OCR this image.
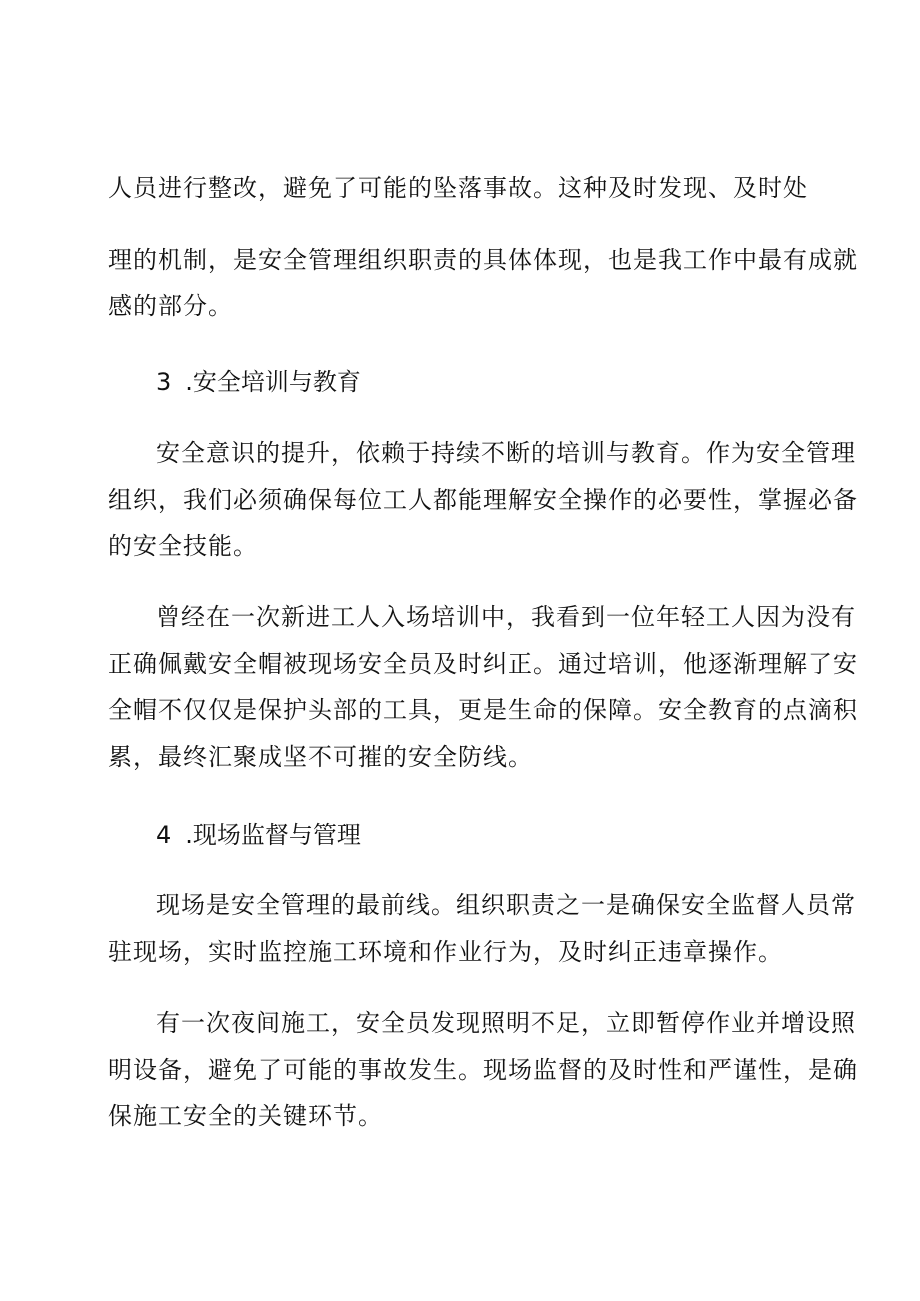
人员进行整改，避免了可能的坠落事故。这种及时发现、及时处
理的机制，是安全管理组织职责的具体体现，也是我工作中最有成就
感的部分。
3 .安全培训与教育
安全意识的提升，依赖于持续不断的培训与教育。作为安全管理
组织，我们必须确保每位工人都能理解安全操作的必要性，掌握必备
的安全技能。
曾经在一次新进工人入场培训中，我看到一位年轻工人因为没有
正确佩戴安全帽被现场安全员及时纠正。通过培训，他逐渐理解了安
全帽不仅仅是保护头部的工具，更是生命的保障。安全教育的点滴积
累，最终汇聚成坚不可摧的安全防线。
4 .现场监督与管理
现场是安全管理的最前线。组织职责之一是确保安全监督人员常
驻现场，实时监控施工环境和作业行为，及时纠正违章操作。
有一次夜间施工，安全员发现照明不足，立即暂停作业并增设照
明设备，避免了可能的事故发生。现场监督的及时性和严谨性，是确
保施工安全的关键环节。
